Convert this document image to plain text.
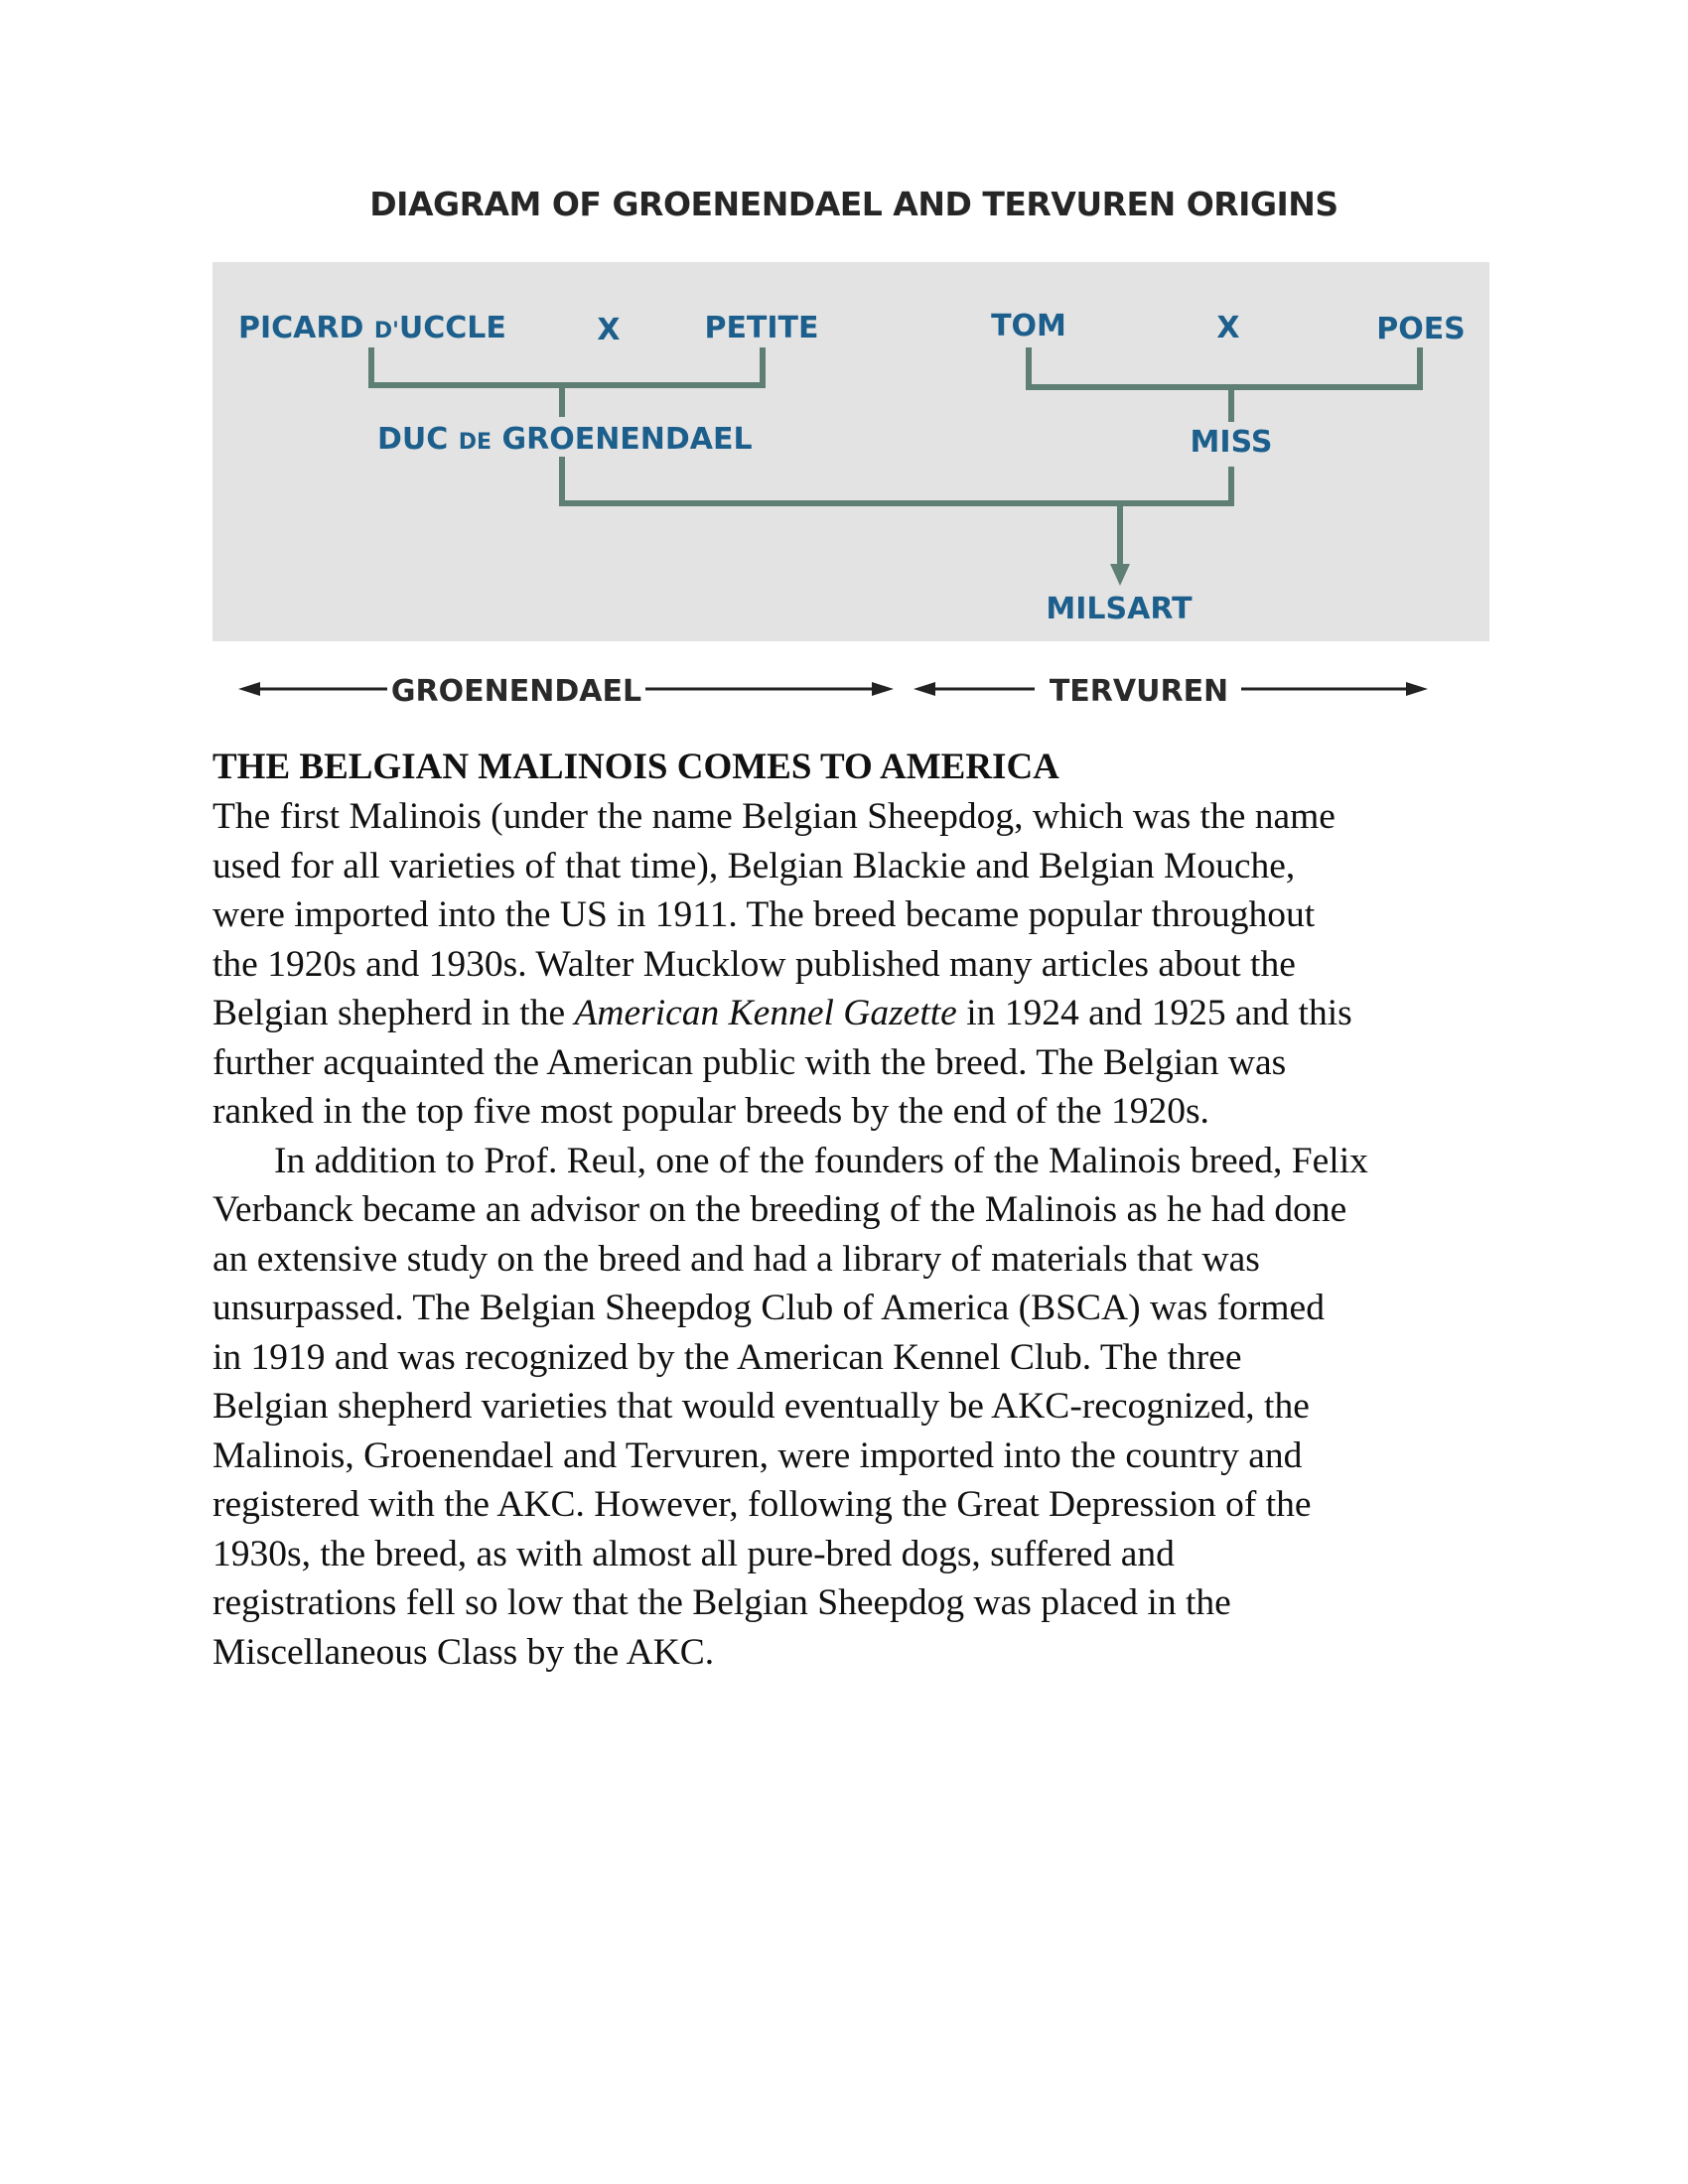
DIAGRAM OF GROENENDAEL AND TERVUREN ORIGINS
PICARD D'UCCLE	X	PETITE	TOM	X	POES
DUC DE GROENENDAEL	MISS
MILSART
GROENENDAEL	TERVUREN
THE BELGIAN MALINOIS COMES TO AMERICA

The first Malinois (under the name Belgian Sheepdog, which was the name
used for all varieties of that time), Belgian Blackie and Belgian Mouche,
were imported into the US in 1911. The breed became popular throughout
the 1920s and 1930s. Walter Mucklow published many articles about the
Belgian shepherd in the American Kennel Gazette in 1924 and 1925 and this
further acquainted the American public with the breed. The Belgian was
ranked in the top five most popular breeds by the end of the 1920s.

In addition to Prof. Reul, one of the founders of the Malinois breed, Felix
Verbanck became an advisor on the breeding of the Malinois as he had done
an extensive study on the breed and had a library of materials that was
unsurpassed. The Belgian Sheepdog Club of America (BSCA) was formed
in 1919 and was recognized by the American Kennel Club. The three
Belgian shepherd varieties that would eventually be AKC-recognized, the
Malinois, Groenendael and Tervuren, were imported into the country and
registered with the AKC. However, following the Great Depression of the
1930s, the breed, as with almost all pure-bred dogs, suffered and
registrations fell so low that the Belgian Sheepdog was placed in the
Miscellaneous Class by the AKC.
